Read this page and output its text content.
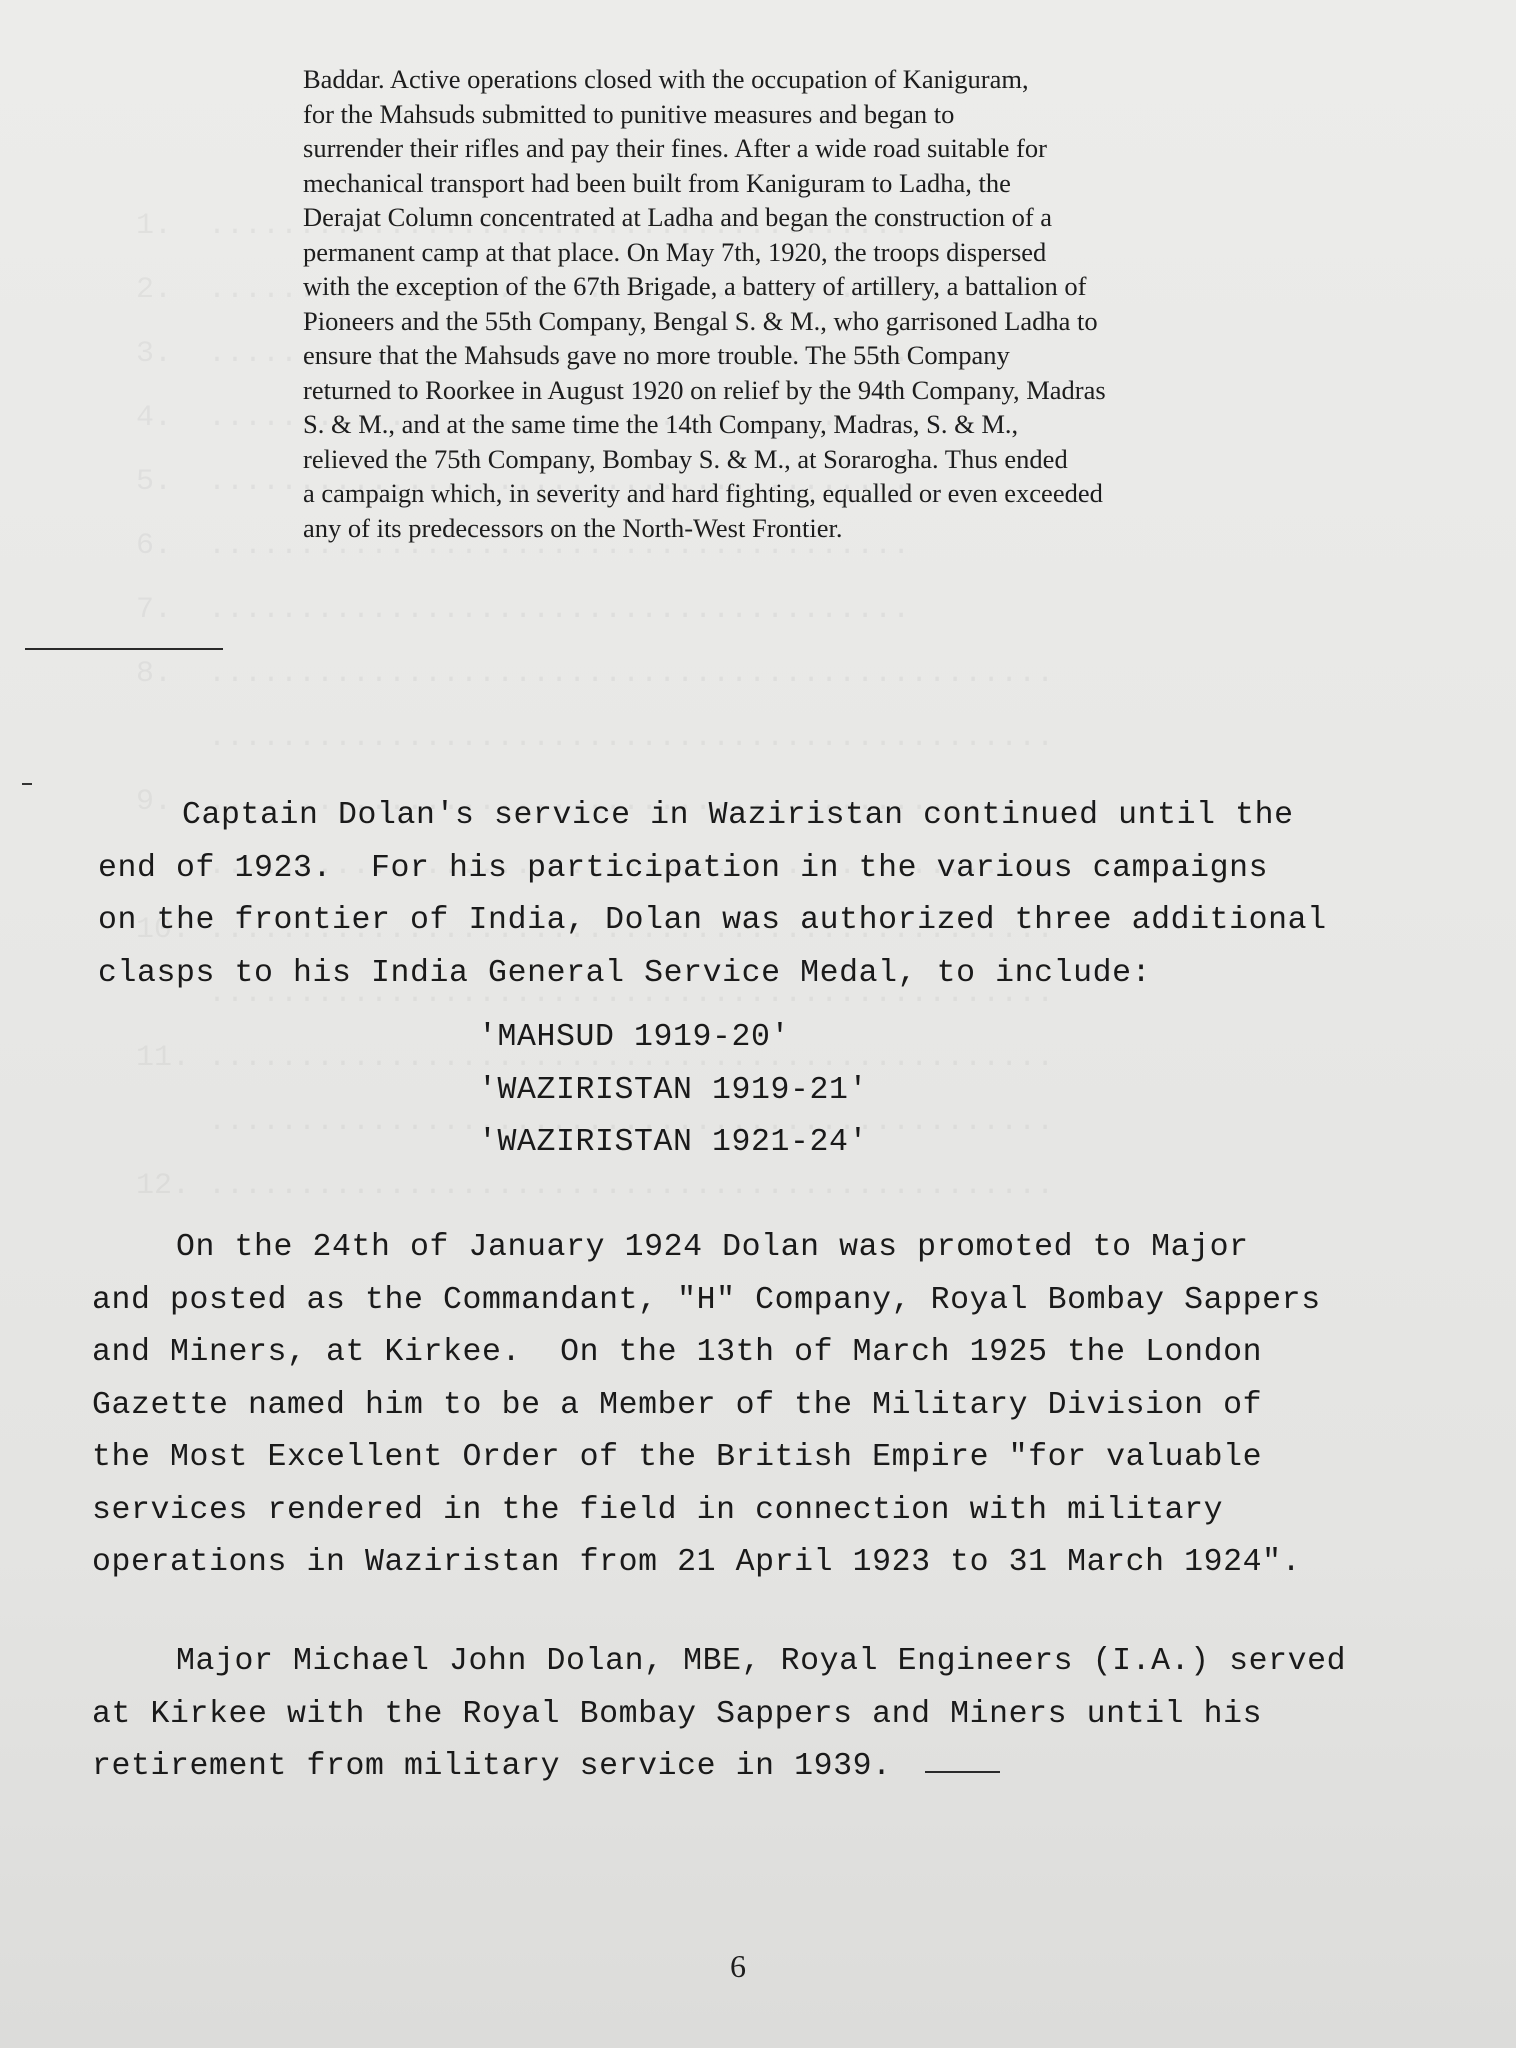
Baddar. Active operations closed with the occupation of Kaniguram,

for the Mahsuds submitted to punitive measures and began to

surrender their rifles and pay their fines. After a wide road suitable for

mechanical transport had been built from Kaniguram to Ladha, the

Derajat Column concentrated at Ladha and began the construction of a

permanent camp at that place. On May 7th, 1920, the troops dispersed

with the exception of the 67th Brigade, a battery of artillery, a battalion of

Pioneers and the 55th Company, Bengal S. & M., who garrisoned Ladha to

ensure that the Mahsuds gave no more trouble. The 55th Company

returned to Roorkee in August 1920 on relief by the 94th Company, Madras

S. & M., and at the same time the 14th Company, Madras, S. & M.,

relieved the 75th Company, Bombay S. & M., at Sorarogha. Thus ended

a campaign which, in severity and hard fighting, equalled or even exceeded

any of its predecessors on the North-West Frontier.

Captain Dolan's service in Waziristan continued until the
end of 1923.  For his participation in the various campaigns
on the frontier of India, Dolan was authorized three additional
clasps to his India General Service Medal, to include:
'MAHSUD 1919-20'
'WAZIRISTAN 1919-21'
'WAZIRISTAN 1921-24'
On the 24th of January 1924 Dolan was promoted to Major
and posted as the Commandant, "H" Company, Royal Bombay Sappers
and Miners, at Kirkee.  On the 13th of March 1925 the London
Gazette named him to be a Member of the Military Division of
the Most Excellent Order of the British Empire "for valuable
services rendered in the field in connection with military
operations in Waziristan from 21 April 1923 to 31 March 1924".
Major Michael John Dolan, MBE, Royal Engineers (I.A.) served
at Kirkee with the Royal Bombay Sappers and Miners until his
retirement from military service in 1939.
6
